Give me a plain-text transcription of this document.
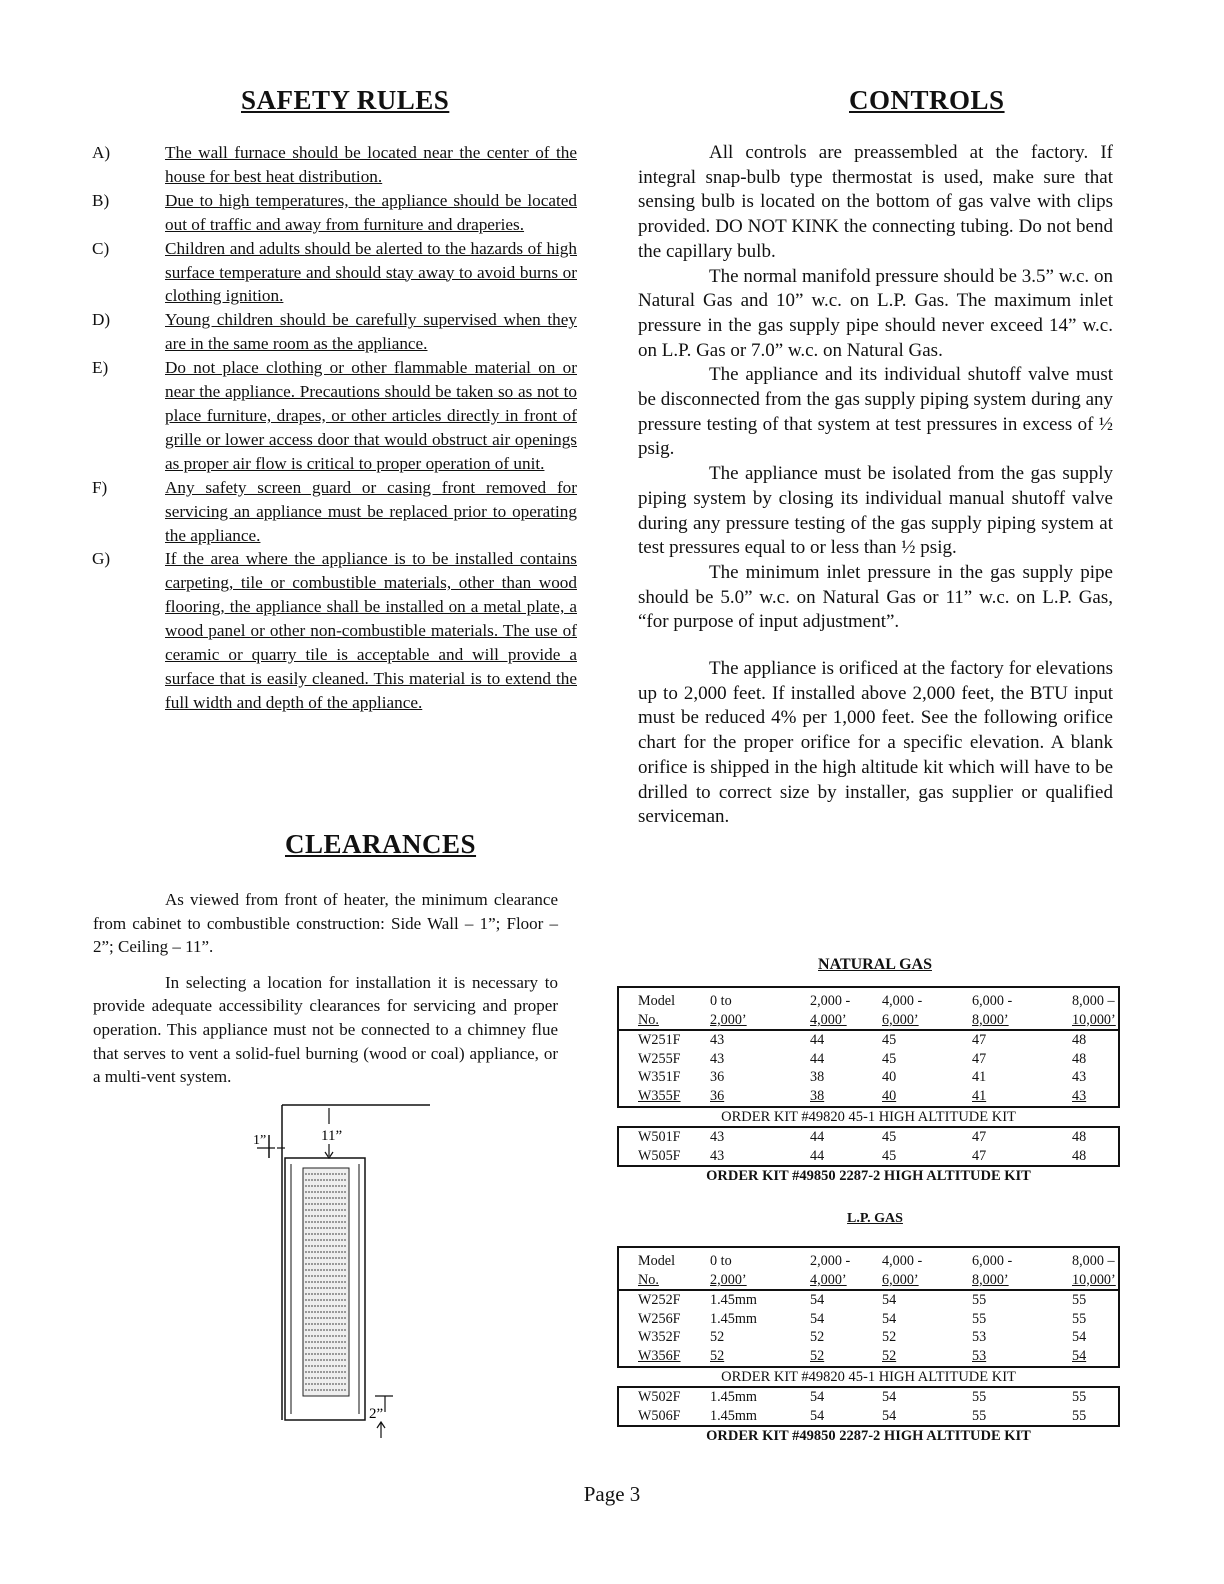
SAFETY RULES
A)	The wall furnace should be located near the center of the house for best heat distribution.
B)	Due to high temperatures, the appliance should be located out of traffic and away from furniture and draperies.
C)	Children and adults should be alerted to the hazards of high surface temperature and should stay away to avoid burns or clothing ignition.
D)	Young children should be carefully supervised when they are in the same room as the appliance.
E)	Do not place clothing or other flammable material on or near the appliance. Precautions should be taken so as not to place furniture, drapes, or other articles directly in front of grille or lower access door that would obstruct air openings as proper air flow is critical to proper operation of unit.
F)	Any safety screen guard or casing front removed for servicing an appliance must be replaced prior to operating the appliance.
G)	If the area where the appliance is to be installed contains carpeting, tile or combustible materials, other than wood flooring, the appliance shall be installed on a metal plate, a wood panel or other non-combustible materials. The use of ceramic or quarry tile is acceptable and will provide a surface that is easily cleaned. This material is to extend the full width and depth of the appliance.
CLEARANCES

As viewed from front of heater, the minimum clearance from cabinet to combustible construction: Side Wall – 1”; Floor – 2”; Ceiling – 11”.

In selecting a location for installation it is necessary to provide adequate accessibility clearances for servicing and proper operation. This appliance must not be connected to a chimney flue that serves to vent a solid-fuel burning (wood or coal) appliance, or a multi-vent system.

1”	11”
2”
CONTROLS

All controls are preassembled at the factory. If integral snap-bulb type thermostat is used, make sure that sensing bulb is located on the bottom of gas valve with clips provided. DO NOT KINK the connecting tubing. Do not bend the capillary bulb.

The normal manifold pressure should be 3.5” w.c. on Natural Gas and 10” w.c. on L.P. Gas. The maximum inlet pressure in the gas supply pipe should never exceed 14” w.c. on L.P. Gas or 7.0” w.c. on Natural Gas.

The appliance and its individual shutoff valve must be disconnected from the gas supply piping system during any pressure testing of that system at test pressures in excess of ½ psig.

The appliance must be isolated from the gas supply piping system by closing its individual manual shutoff valve during any pressure testing of the gas supply piping system at test pressures equal to or less than ½ psig.

The minimum inlet pressure in the gas supply pipe should be 5.0” w.c. on Natural Gas or 11” w.c. on L.P. Gas, “for purpose of input adjustment”.

The appliance is orificed at the factory for elevations up to 2,000 feet. If installed above 2,000 feet, the BTU input must be reduced 4% per 1,000 feet. See the following orifice chart for the proper orifice for a specific elevation. A blank orifice is shipped in the high altitude kit which will have to be drilled to correct size by installer, gas supplier or qualified serviceman.

NATURAL GAS
Model	0 to	2,000 -	4,000 -	6,000 -	8,000 –
No.	2,000’	4,000’	6,000’	8,000’	10,000’
W251F	43	44	45	47	48
W255F	43	44	45	47	48
W351F	36	38	40	41	43
W355F	36	38	40	41	43
ORDER KIT #49820 45-1 HIGH ALTITUDE KIT
W501F	43	44	45	47	48
W505F	43	44	45	47	48
ORDER KIT #49850 2287-2 HIGH ALTITUDE KIT
L.P. GAS
Model	0 to	2,000 -	4,000 -	6,000 -	8,000 –
No.	2,000’	4,000’	6,000’	8,000’	10,000’
W252F	1.45mm	54	54	55	55
W256F	1.45mm	54	54	55	55
W352F	52	52	52	53	54
W356F	52	52	52	53	54
ORDER KIT #49820 45-1 HIGH ALTITUDE KIT
W502F	1.45mm	54	54	55	55
W506F	1.45mm	54	54	55	55
ORDER KIT #49850 2287-2 HIGH ALTITUDE KIT
Page 3
